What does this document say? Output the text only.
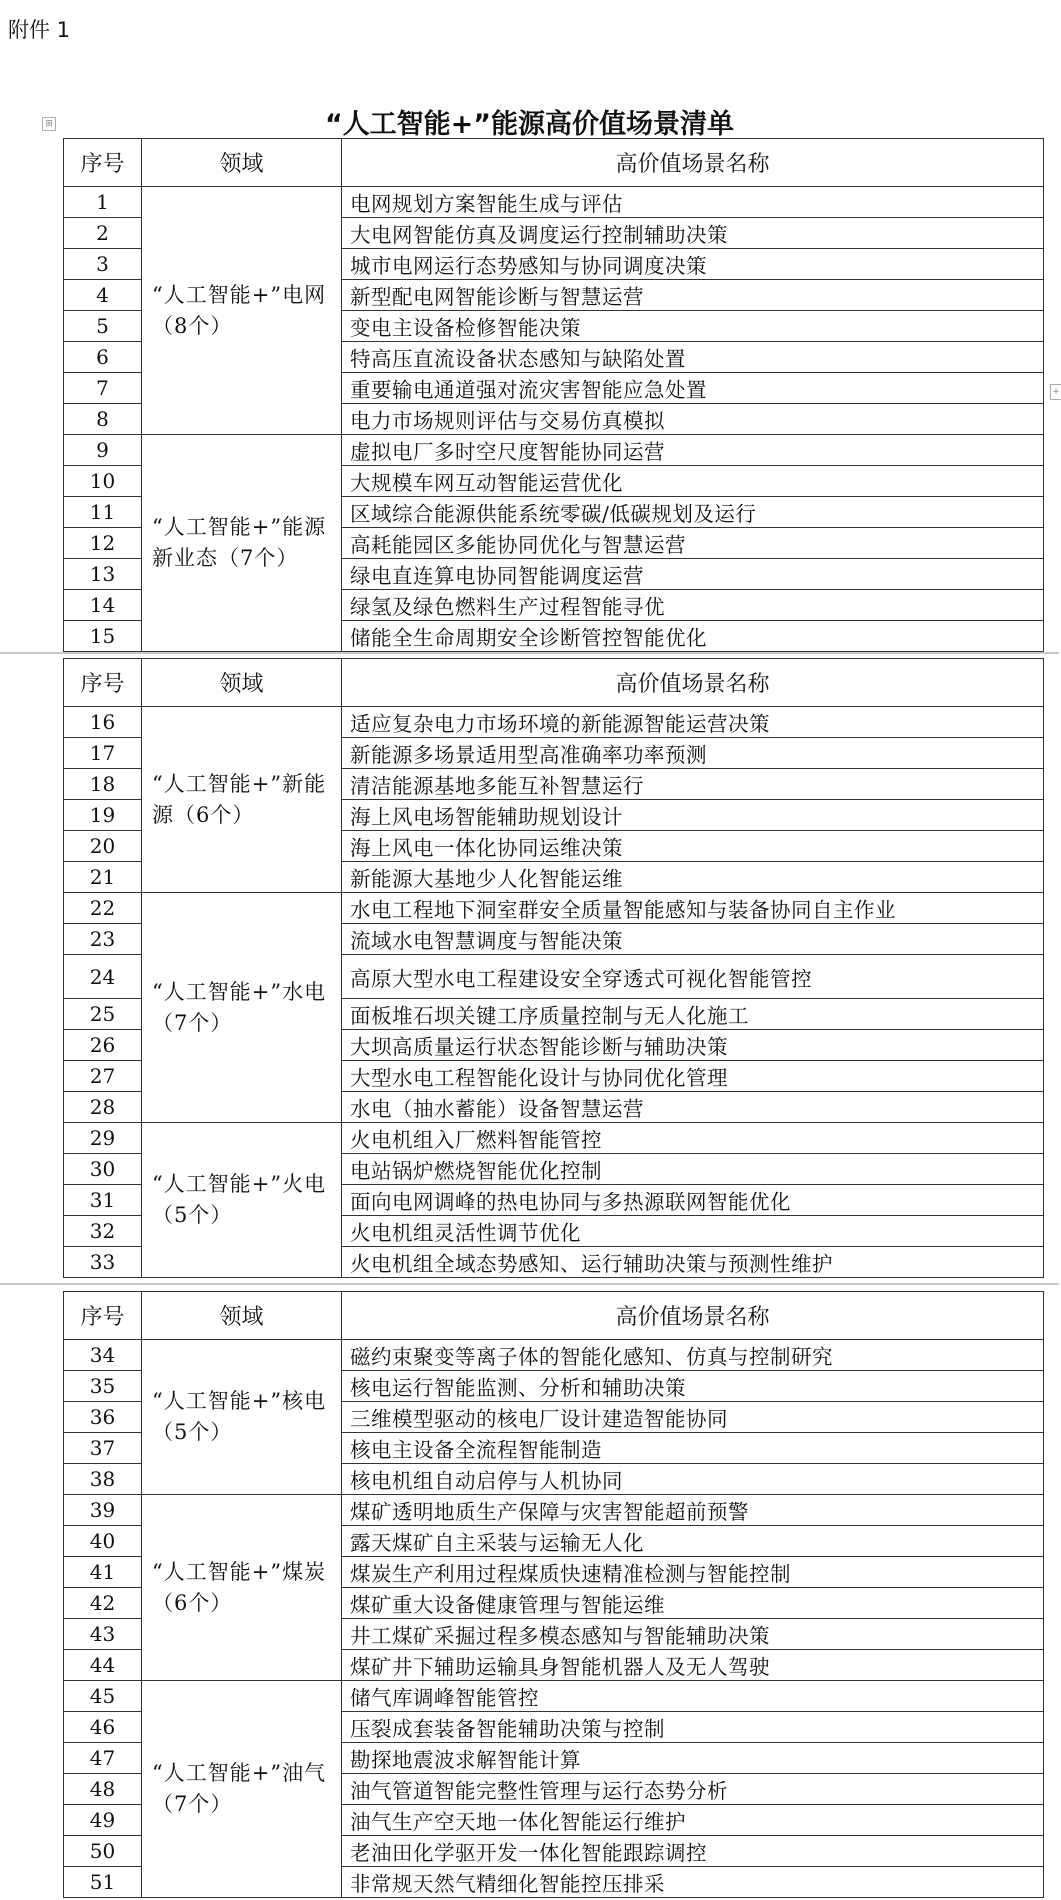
附件 1
⊞
+
“人工智能+”能源高价值场景清单
序号	领域	高价值场景名称
1	“人工智能+”电网（8个）	电网规划方案智能生成与评估
2		大电网智能仿真及调度运行控制辅助决策
3		城市电网运行态势感知与协同调度决策
4		新型配电网智能诊断与智慧运营
5		变电主设备检修智能决策
6		特高压直流设备状态感知与缺陷处置
7		重要输电通道强对流灾害智能应急处置
8		电力市场规则评估与交易仿真模拟
9	“人工智能+”能源新业态（7个）	虚拟电厂多时空尺度智能协同运营
10		大规模车网互动智能运营优化
11		区域综合能源供能系统零碳/低碳规划及运行
12		高耗能园区多能协同优化与智慧运营
13		绿电直连算电协同智能调度运营
14		绿氢及绿色燃料生产过程智能寻优
15		储能全生命周期安全诊断管控智能优化
序号	领域	高价值场景名称
16	“人工智能+”新能源（6个）	适应复杂电力市场环境的新能源智能运营决策
17		新能源多场景适用型高准确率功率预测
18		清洁能源基地多能互补智慧运行
19		海上风电场智能辅助规划设计
20		海上风电一体化协同运维决策
21		新能源大基地少人化智能运维
22	“人工智能+”水电（7个）	水电工程地下洞室群安全质量智能感知与装备协同自主作业
23		流域水电智慧调度与智能决策
24		高原大型水电工程建设安全穿透式可视化智能管控
25		面板堆石坝关键工序质量控制与无人化施工
26		大坝高质量运行状态智能诊断与辅助决策
27		大型水电工程智能化设计与协同优化管理
28		水电（抽水蓄能）设备智慧运营
29	“人工智能+”火电（5个）	火电机组入厂燃料智能管控
30		电站锅炉燃烧智能优化控制
31		面向电网调峰的热电协同与多热源联网智能优化
32		火电机组灵活性调节优化
33		火电机组全域态势感知、运行辅助决策与预测性维护
序号	领域	高价值场景名称
34	“人工智能+”核电（5个）	磁约束聚变等离子体的智能化感知、仿真与控制研究
35		核电运行智能监测、分析和辅助决策
36		三维模型驱动的核电厂设计建造智能协同
37		核电主设备全流程智能制造
38		核电机组自动启停与人机协同
39	“人工智能+”煤炭（6个）	煤矿透明地质生产保障与灾害智能超前预警
40		露天煤矿自主采装与运输无人化
41		煤炭生产利用过程煤质快速精准检测与智能控制
42		煤矿重大设备健康管理与智能运维
43		井工煤矿采掘过程多模态感知与智能辅助决策
44		煤矿井下辅助运输具身智能机器人及无人驾驶
45	“人工智能+”油气（7个）	储气库调峰智能管控
46		压裂成套装备智能辅助决策与控制
47		勘探地震波求解智能计算
48		油气管道智能完整性管理与运行态势分析
49		油气生产空天地一体化智能运行维护
50		老油田化学驱开发一体化智能跟踪调控
51		非常规天然气精细化智能控压排采
